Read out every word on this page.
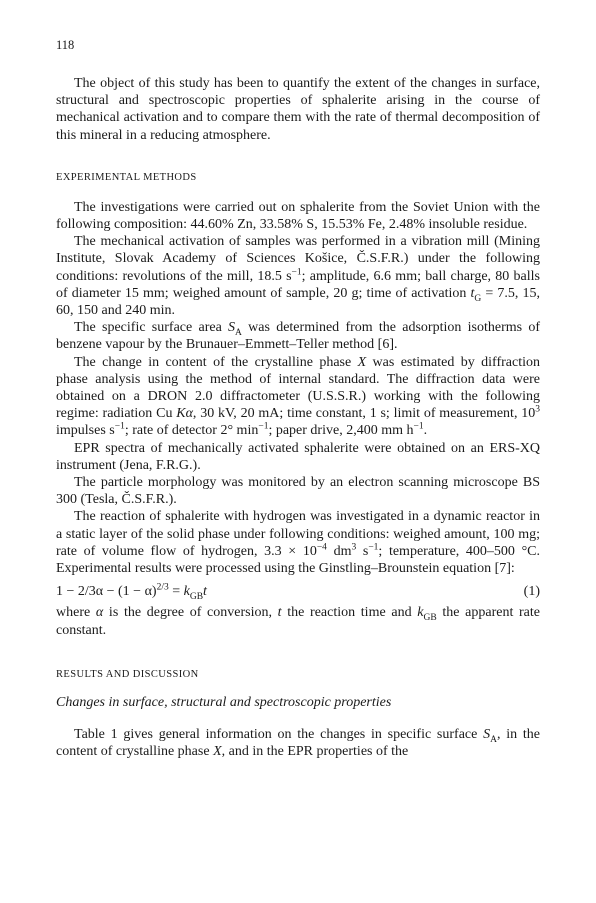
118

The object of this study has been to quantify the extent of the changes in surface, structural and spectroscopic properties of sphalerite arising in the course of mechanical activation and to compare them with the rate of thermal decomposition of this mineral in a reducing atmosphere.

EXPERIMENTAL METHODS

The investigations were carried out on sphalerite from the Soviet Union with the following composition: 44.60% Zn, 33.58% S, 15.53% Fe, 2.48% insoluble residue.

The mechanical activation of samples was performed in a vibration mill (Mining Institute, Slovak Academy of Sciences Košice, Č.S.F.R.) under the following conditions: revolutions of the mill, 18.5 $s^{-1}$; amplitude, 6.6 mm; ball charge, 80 balls of diameter 15 mm; weighed amount of sample, 20 g; time of activation $t_G = 7.5$, 15, 60, 150 and 240 min.

The specific surface area $S_A$ was determined from the adsorption isotherms of benzene vapour by the Brunauer–Emmett–Teller method [6].

The change in content of the crystalline phase X was estimated by diffraction phase analysis using the method of internal standard. The diffraction data were obtained on a DRON 2.0 diffractometer (U.S.S.R.) working with the following regime: radiation Cu Kα, 30 kV, 20 mA; time constant, 1 s; limit of measurement, $10^3$ impulses $s^{-1}$; rate of detector 2° $\min^{-1}$; paper drive, 2,400 mm $h^{-1}$.

EPR spectra of mechanically activated sphalerite were obtained on an ERS-XQ instrument (Jena, F.R.G.).

The particle morphology was monitored by an electron scanning microscope BS 300 (Tesla, Č.S.F.R.).

The reaction of sphalerite with hydrogen was investigated in a dynamic reactor in a static layer of the solid phase under following conditions: weighed amount, 100 mg; rate of volume flow of hydrogen, $3.3 \times 10^{-4}$ $dm^3$ $s^{-1}$; temperature, 400–500 °C. Experimental results were processed using the Ginstling–Brounstein equation [7]:

$1 - 2/3\alpha - (1 - \alpha)^{2/3} = k_{GB}t$	(1)

where α is the degree of conversion, t the reaction time and $k_{GB}$ the apparent rate constant.

RESULTS AND DISCUSSION
Changes in surface, structural and spectroscopic properties

Table 1 gives general information on the changes in specific surface $S_A$, in the content of crystalline phase X, and in the EPR properties of the
